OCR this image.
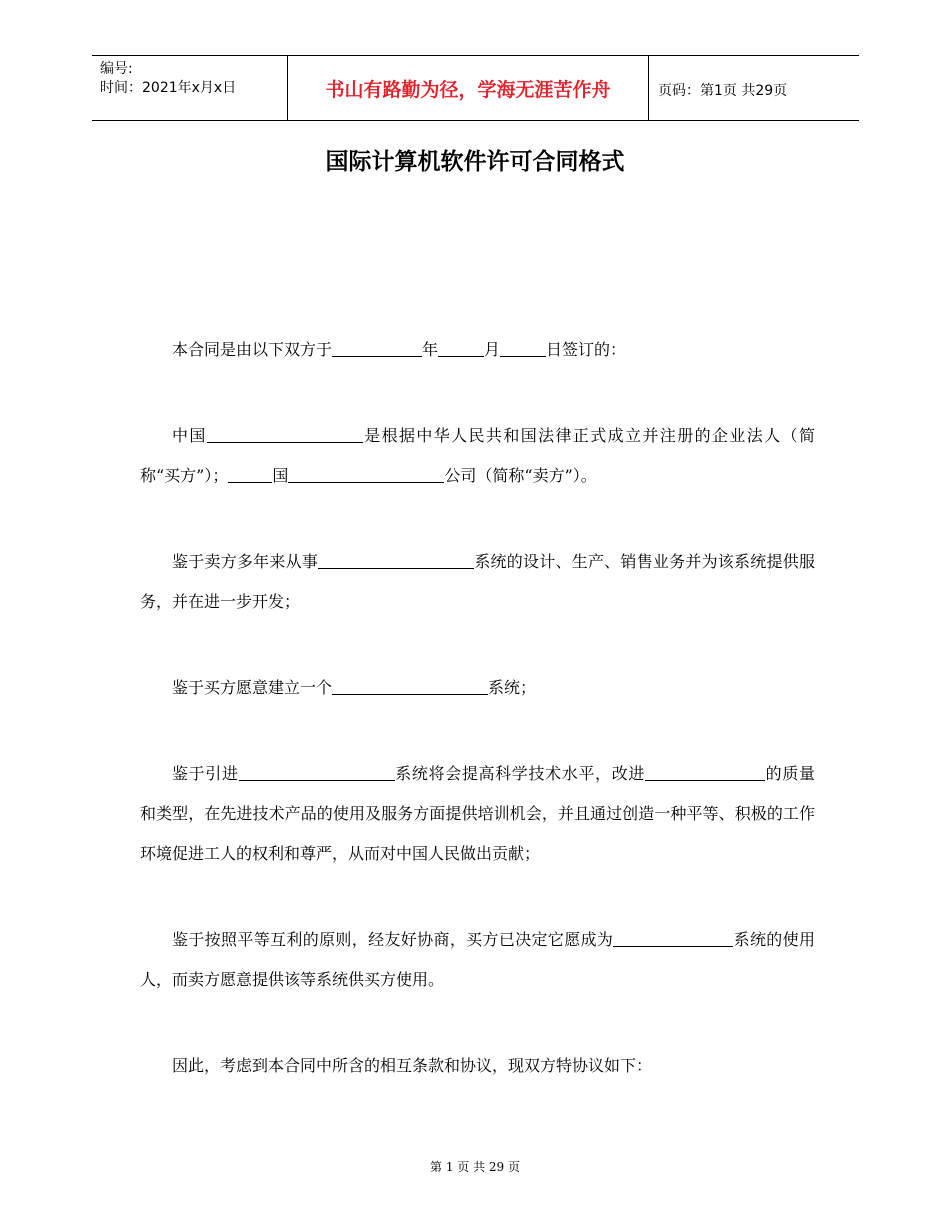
编号:
时间：2021年x月x日	书山有路勤为径，学海无涯苦作舟	页码：第1页 共29页
国际计算机软件许可合同格式

本合同是由以下双方于	年	月	日签订的：

中国	是根据中华人民共和国法律正式成立并注册的企业法人（简称“买方”）；	国	公司（简称“卖方”）。

鉴于卖方多年来从事	系统的设计、生产、销售业务并为该系统提供服务，并在进一步开发；

鉴于买方愿意建立一个	系统；

鉴于引进	系统将会提高科学技术水平，改进	的质量和类型，在先进技术产品的使用及服务方面提供培训机会，并且通过创造一种平等、积极的工作环境促进工人的权利和尊严，从而对中国人民做出贡献；

鉴于按照平等互利的原则，经友好协商，买方已决定它愿成为	系统的使用人，而卖方愿意提供该等系统供买方使用。

因此，考虑到本合同中所含的相互条款和协议，现双方特协议如下：

第 1 页 共 29 页
